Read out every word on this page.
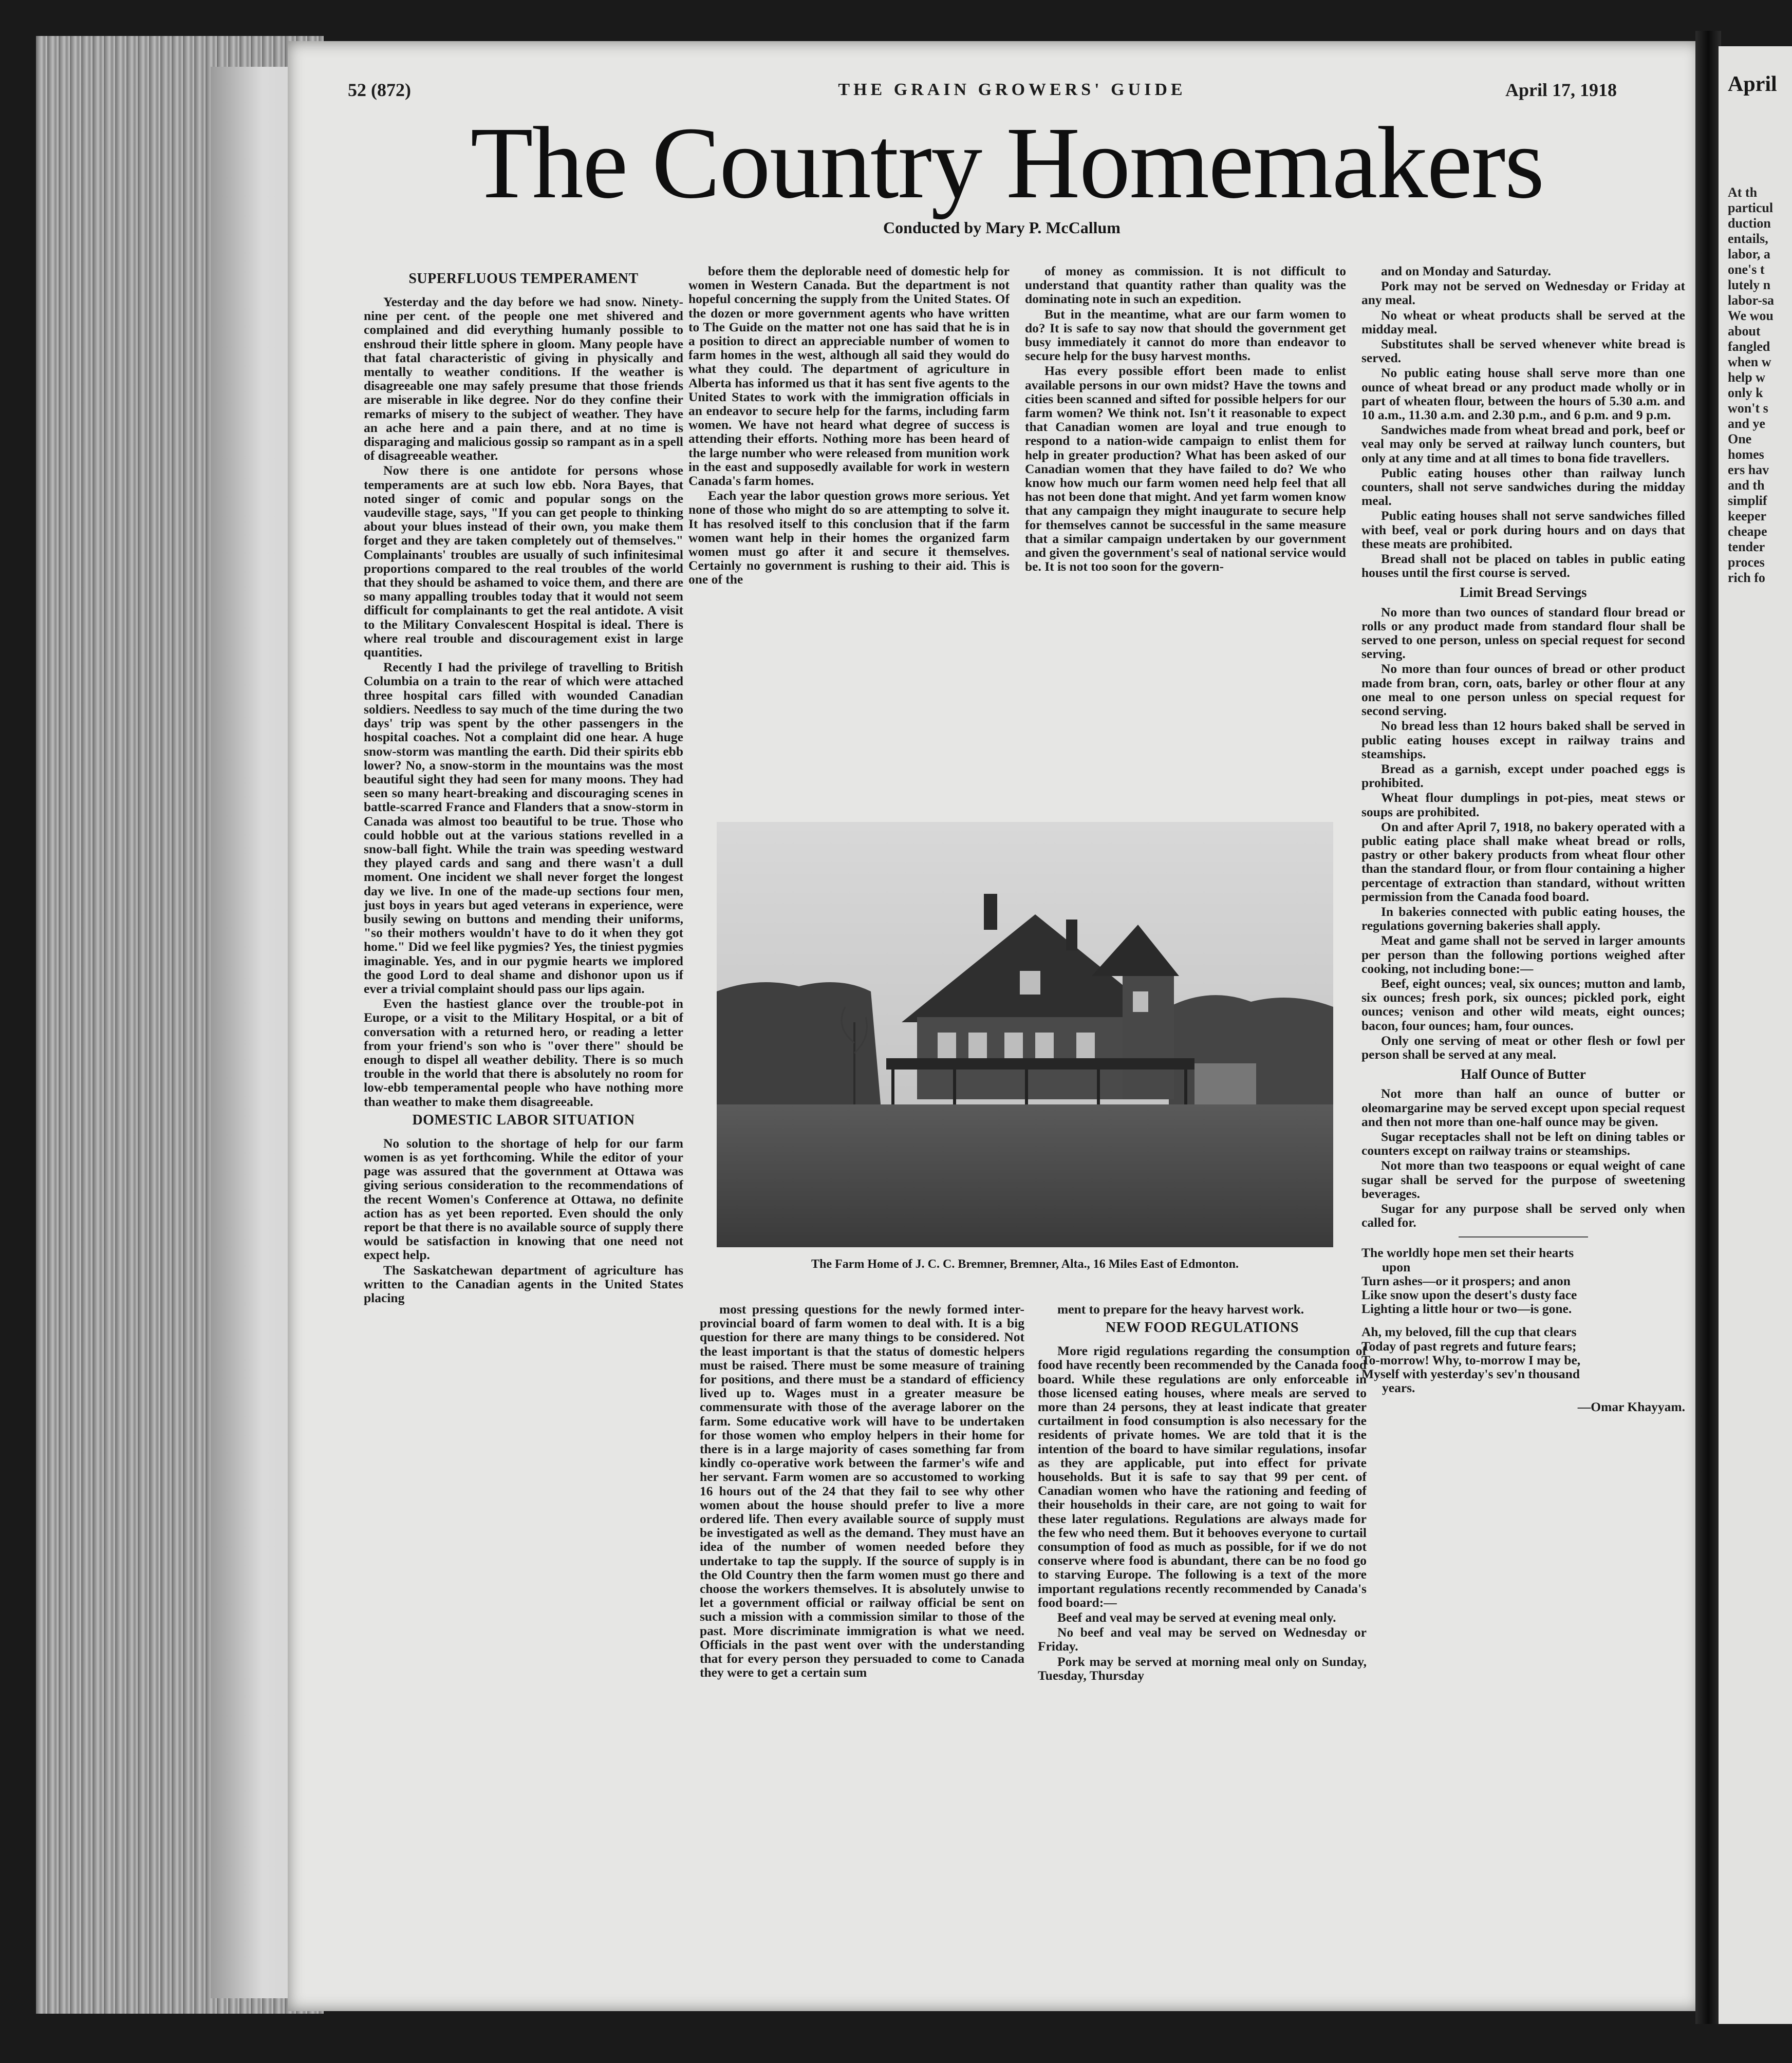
April
At th
particul
duction
entails,
labor, a
one's t
lutely n
labor-sa
We wou
about
fangled
when w
help w
only k
won't s
and ye
One
homes
ers hav
and th
simplif
keeper
cheape
tender
proces
rich fo
52 (872)	THE GRAIN GROWERS' GUIDE	April 17, 1918
The Country Homemakers
Conducted by Mary P. McCallum
SUPERFLUOUS TEMPERAMENT

Yesterday and the day before we had snow. Ninety-nine per cent. of the people one met shivered and complained and did everything humanly possible to enshroud their little sphere in gloom. Many people have that fatal characteristic of giving in physically and mentally to weather conditions. If the weather is disagreeable one may safely presume that those friends are miserable in like degree. Nor do they confine their remarks of misery to the subject of weather. They have an ache here and a pain there, and at no time is disparaging and malicious gossip so rampant as in a spell of disagreeable weather.

Now there is one antidote for persons whose temperaments are at such low ebb. Nora Bayes, that noted singer of comic and popular songs on the vaudeville stage, says, "If you can get people to thinking about your blues instead of their own, you make them forget and they are taken completely out of themselves." Complainants' troubles are usually of such infinitesimal proportions compared to the real troubles of the world that they should be ashamed to voice them, and there are so many appalling troubles today that it would not seem difficult for complainants to get the real antidote. A visit to the Military Convalescent Hospital is ideal. There is where real trouble and discouragement exist in large quantities.

Recently I had the privilege of travelling to British Columbia on a train to the rear of which were attached three hospital cars filled with wounded Canadian soldiers. Needless to say much of the time during the two days' trip was spent by the other passengers in the hospital coaches. Not a complaint did one hear. A huge snow-storm was mantling the earth. Did their spirits ebb lower? No, a snow-storm in the mountains was the most beautiful sight they had seen for many moons. They had seen so many heart-breaking and discouraging scenes in battle-scarred France and Flanders that a snow-storm in Canada was almost too beautiful to be true. Those who could hobble out at the various stations revelled in a snow-ball fight. While the train was speeding westward they played cards and sang and there wasn't a dull moment. One incident we shall never forget the longest day we live. In one of the made-up sections four men, just boys in years but aged veterans in experience, were busily sewing on buttons and mending their uniforms, "so their mothers wouldn't have to do it when they got home." Did we feel like pygmies? Yes, the tiniest pygmies imaginable. Yes, and in our pygmie hearts we implored the good Lord to deal shame and dishonor upon us if ever a trivial complaint should pass our lips again.

Even the hastiest glance over the trouble-pot in Europe, or a visit to the Military Hospital, or a bit of conversation with a returned hero, or reading a letter from your friend's son who is "over there" should be enough to dispel all weather debility. There is so much trouble in the world that there is absolutely no room for low-ebb temperamental people who have nothing more than weather to make them disagreeable.

DOMESTIC LABOR SITUATION

No solution to the shortage of help for our farm women is as yet forthcoming. While the editor of your page was assured that the government at Ottawa was giving serious consideration to the recommendations of the recent Women's Conference at Ottawa, no definite action has as yet been reported. Even should the only report be that there is no available source of supply there would be satisfaction in knowing that one need not expect help.

The Saskatchewan department of agriculture has written to the Canadian agents in the United States placing

before them the deplorable need of domestic help for women in Western Canada. But the department is not hopeful concerning the supply from the United States. Of the dozen or more government agents who have written to The Guide on the matter not one has said that he is in a position to direct an appreciable number of women to farm homes in the west, although all said they would do what they could. The department of agriculture in Alberta has informed us that it has sent five agents to the United States to work with the immigration officials in an endeavor to secure help for the farms, including farm women. We have not heard what degree of success is attending their efforts. Nothing more has been heard of the large number who were released from munition work in the east and supposedly available for work in western Canada's farm homes.

Each year the labor question grows more serious. Yet none of those who might do so are attempting to solve it. It has resolved itself to this conclusion that if the farm women want help in their homes the organized farm women must go after it and secure it themselves. Certainly no government is rushing to their aid. This is one of the

of money as commission. It is not difficult to understand that quantity rather than quality was the dominating note in such an expedition.

But in the meantime, what are our farm women to do? It is safe to say now that should the government get busy immediately it cannot do more than endeavor to secure help for the busy harvest months.

Has every possible effort been made to enlist available persons in our own midst? Have the towns and cities been scanned and sifted for possible helpers for our farm women? We think not. Isn't it reasonable to expect that Canadian women are loyal and true enough to respond to a nation-wide campaign to enlist them for help in greater production? What has been asked of our Canadian women that they have failed to do? We who know how much our farm women need help feel that all has not been done that might. And yet farm women know that any campaign they might inaugurate to secure help for themselves cannot be successful in the same measure that a similar campaign undertaken by our government and given the government's seal of national service would be. It is not too soon for the govern-

The Farm Home of J. C. C. Bremner, Bremner, Alta., 16 Miles East of Edmonton.

most pressing questions for the newly formed inter-provincial board of farm women to deal with. It is a big question for there are many things to be considered. Not the least important is that the status of domestic helpers must be raised. There must be some measure of training for positions, and there must be a standard of efficiency lived up to. Wages must in a greater measure be commensurate with those of the average laborer on the farm. Some educative work will have to be undertaken for those women who employ helpers in their home for there is in a large majority of cases something far from kindly co-operative work between the farmer's wife and her servant. Farm women are so accustomed to working 16 hours out of the 24 that they fail to see why other women about the house should prefer to live a more ordered life. Then every available source of supply must be investigated as well as the demand. They must have an idea of the number of women needed before they undertake to tap the supply. If the source of supply is in the Old Country then the farm women must go there and choose the workers themselves. It is absolutely unwise to let a government official or railway official be sent on such a mission with a commission similar to those of the past. More discriminate immigration is what we need. Officials in the past went over with the understanding that for every person they persuaded to come to Canada they were to get a certain sum

ment to prepare for the heavy harvest work.

NEW FOOD REGULATIONS

More rigid regulations regarding the consumption of food have recently been recommended by the Canada food board. While these regulations are only enforceable in those licensed eating houses, where meals are served to more than 24 persons, they at least indicate that greater curtailment in food consumption is also necessary for the residents of private homes. We are told that it is the intention of the board to have similar regulations, insofar as they are applicable, put into effect for private households. But it is safe to say that 99 per cent. of Canadian women who have the rationing and feeding of their households in their care, are not going to wait for these later regulations. Regulations are always made for the few who need them. But it behooves everyone to curtail consumption of food as much as possible, for if we do not conserve where food is abundant, there can be no food go to starving Europe. The following is a text of the more important regulations recently recommended by Canada's food board:—

Beef and veal may be served at evening meal only.

No beef and veal may be served on Wednesday or Friday.

Pork may be served at morning meal only on Sunday, Tuesday, Thursday

and on Monday and Saturday.

Pork may not be served on Wednesday or Friday at any meal.

No wheat or wheat products shall be served at the midday meal.

Substitutes shall be served whenever white bread is served.

No public eating house shall serve more than one ounce of wheat bread or any product made wholly or in part of wheaten flour, between the hours of 5.30 a.m. and 10 a.m., 11.30 a.m. and 2.30 p.m., and 6 p.m. and 9 p.m.

Sandwiches made from wheat bread and pork, beef or veal may only be served at railway lunch counters, but only at any time and at all times to bona fide travellers.

Public eating houses other than railway lunch counters, shall not serve sandwiches during the midday meal.

Public eating houses shall not serve sandwiches filled with beef, veal or pork during hours and on days that these meats are prohibited.

Bread shall not be placed on tables in public eating houses until the first course is served.

Limit Bread Servings

No more than two ounces of standard flour bread or rolls or any product made from standard flour shall be served to one person, unless on special request for second serving.

No more than four ounces of bread or other product made from bran, corn, oats, barley or other flour at any one meal to one person unless on special request for second serving.

No bread less than 12 hours baked shall be served in public eating houses except in railway trains and steamships.

Bread as a garnish, except under poached eggs is prohibited.

Wheat flour dumplings in pot-pies, meat stews or soups are prohibited.

On and after April 7, 1918, no bakery operated with a public eating place shall make wheat bread or rolls, pastry or other bakery products from wheat flour other than the standard flour, or from flour containing a higher percentage of extraction than standard, without written permission from the Canada food board.

In bakeries connected with public eating houses, the regulations governing bakeries shall apply.

Meat and game shall not be served in larger amounts per person than the following portions weighed after cooking, not including bone:—

Beef, eight ounces; veal, six ounces; mutton and lamb, six ounces; fresh pork, six ounces; pickled pork, eight ounces; venison and other wild meats, eight ounces; bacon, four ounces; ham, four ounces.

Only one serving of meat or other flesh or fowl per person shall be served at any meal.

Half Ounce of Butter

Not more than half an ounce of butter or oleomargarine may be served except upon special request and then not more than one-half ounce may be given.

Sugar receptacles shall not be left on dining tables or counters except on railway trains or steamships.

Not more than two teaspoons or equal weight of cane sugar shall be served for the purpose of sweetening beverages.

Sugar for any purpose shall be served only when called for.

The worldly hope men set their hearts

upon

Turn ashes—or it prospers; and anon

Like snow upon the desert's dusty face

Lighting a little hour or two—is gone.

Ah, my beloved, fill the cup that clears

Today of past regrets and future fears;

To-morrow! Why, to-morrow I may be,

Myself with yesterday's sev'n thousand

years.

—Omar Khayyam.
